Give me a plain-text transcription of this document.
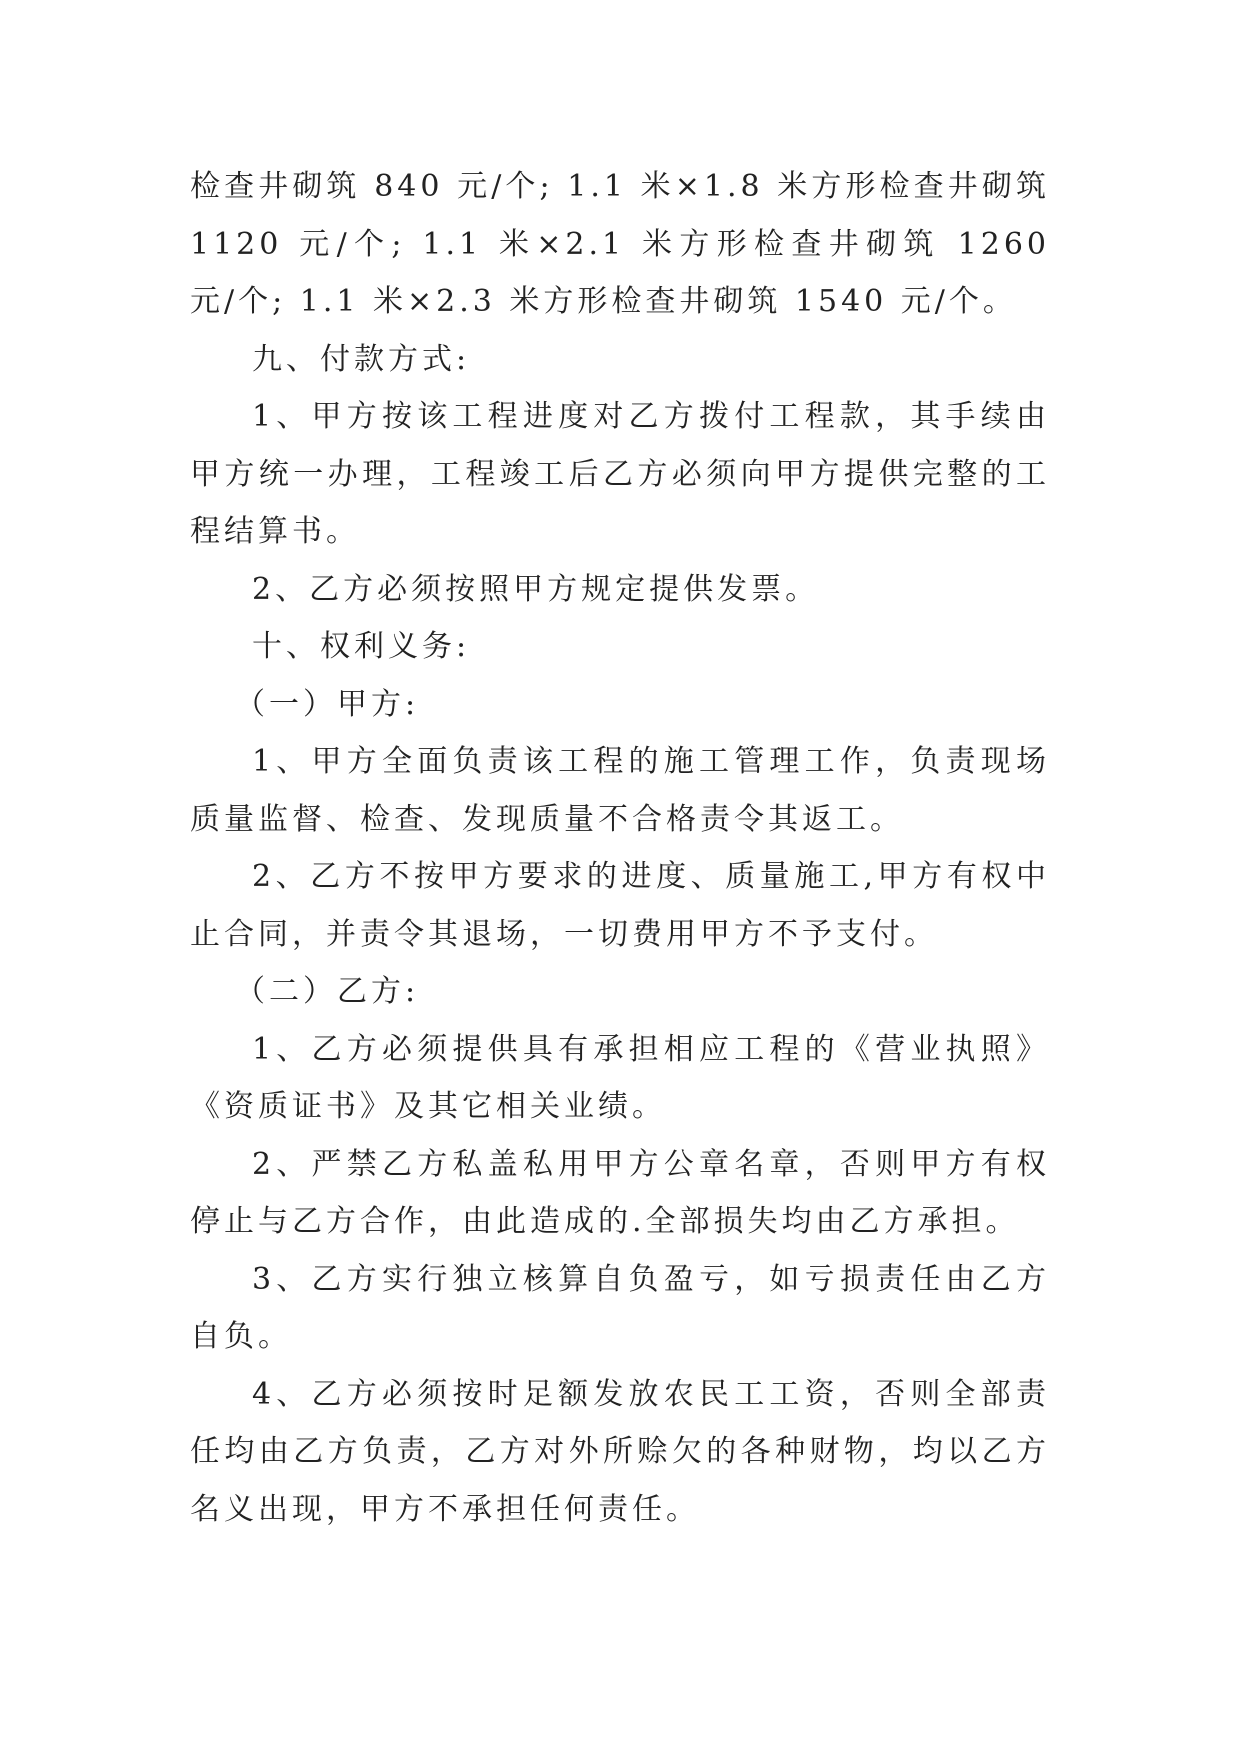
检查井砌筑 840 元/个; 1.1 米×1.8 米方形检查井砌筑 1120 元/个; 1.1 米×2.1 米方形检查井砌筑 1260 元/个; 1.1 米×2.3 米方形检查井砌筑 1540 元/个。

九、付款方式:

1、甲方按该工程进度对乙方拨付工程款，其手续由甲方统一办理，工程竣工后乙方必须向甲方提供完整的工程结算书。

2、乙方必须按照甲方规定提供发票。

十、权利义务:

（一）甲方:

1、甲方全面负责该工程的施工管理工作，负责现场质量监督、检查、发现质量不合格责令其返工。

2、乙方不按甲方要求的进度、质量施工,甲方有权中止合同，并责令其退场，一切费用甲方不予支付。

（二）乙方:

1、乙方必须提供具有承担相应工程的《营业执照》《资质证书》及其它相关业绩。

2、严禁乙方私盖私用甲方公章名章，否则甲方有权停止与乙方合作，由此造成的.全部损失均由乙方承担。

3、乙方实行独立核算自负盈亏，如亏损责任由乙方自负。

4、乙方必须按时足额发放农民工工资，否则全部责任均由乙方负责，乙方对外所赊欠的各种财物，均以乙方名义出现，甲方不承担任何责任。
